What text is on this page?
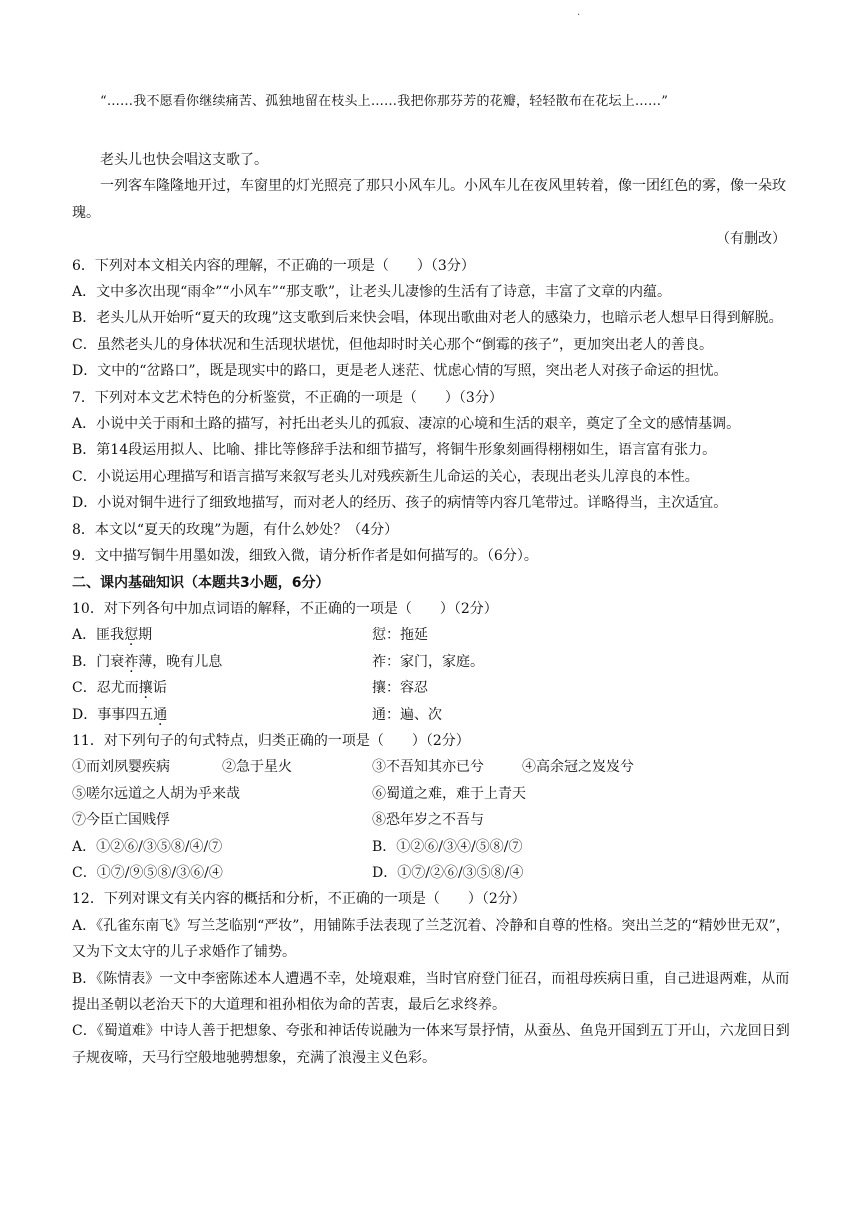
·
“……我不愿看你继续痛苦、孤独地留在枝头上……我把你那芬芳的花瓣，轻轻散布在花坛上……”

老头儿也快会唱这支歌了。

一列客车隆隆地开过，车窗里的灯光照亮了那只小风车儿。小风车儿在夜风里转着，像一团红色的雾，像一朵玫瑰。

（有删改）

6．下列对本文相关内容的理解，不正确的一项是（　　）（3分）

A．文中多次出现“雨伞”“小风车”“那支歌”，让老头儿凄惨的生活有了诗意，丰富了文章的内蕴。

B．老头儿从开始听“夏天的玫瑰”这支歌到后来快会唱，体现出歌曲对老人的感染力，也暗示老人想早日得到解脱。

C．虽然老头儿的身体状况和生活现状堪忧，但他却时时关心那个“倒霉的孩子”，更加突出老人的善良。

D．文中的“岔路口”，既是现实中的路口，更是老人迷茫、忧虑心情的写照，突出老人对孩子命运的担忧。

7．下列对本文艺术特色的分析鉴赏，不正确的一项是（　　）（3分）

A．小说中关于雨和土路的描写，衬托出老头儿的孤寂、凄凉的心境和生活的艰辛，奠定了全文的感情基调。

B．第14段运用拟人、比喻、排比等修辞手法和细节描写，将铜牛形象刻画得栩栩如生，语言富有张力。

C．小说运用心理描写和语言描写来叙写老头儿对残疾新生儿命运的关心，表现出老头儿淳良的本性。

D．小说对铜牛进行了细致地描写，而对老人的经历、孩子的病情等内容几笔带过。详略得当，主次适宜。

8．本文以“夏天的玫瑰”为题，有什么妙处？（4分）

9．文中描写铜牛用墨如泼，细致入微，请分析作者是如何描写的。（6分）。

二、课内基础知识（本题共3小题，6分）

10．对下列各句中加点词语的解释，不正确的一项是（　　）（2分）

A．匪我愆期	愆：拖延
B．门衰祚薄，晚有儿息	祚：家门，家庭。
C．忍尤而攘诟	攘：容忍
D．事事四五通	通：遍、次

11．对下列句子的句式特点，归类正确的一项是（　　）（2分）

①而刘夙婴疾病	②急于星火	③不吾知其亦已兮	④高余冠之岌岌兮
⑤嗟尔远道之人胡为乎来哉	⑥蜀道之难，难于上青天
⑦今臣亡国贱俘	⑧恐年岁之不吾与
A．①②⑥/③⑤⑧/④/⑦	B．①②⑥/③④/⑤⑧/⑦
C．①⑦/⑨⑤⑧/③⑥/④	D．①⑦/②⑥/③⑤⑧/④

12．下列对课文有关内容的概括和分析，不正确的一项是（　　）（2分）

A．《孔雀东南飞》写兰芝临别“严妆”，用铺陈手法表现了兰芝沉着、冷静和自尊的性格。突出兰芝的“精妙世无双”，又为下文太守的儿子求婚作了铺势。

B．《陈情表》一文中李密陈述本人遭遇不幸，处境艰难，当时官府登门征召，而祖母疾病日重，自己进退两难，从而提出圣朝以老治天下的大道理和祖孙相依为命的苦衷，最后乞求终养。

C．《蜀道难》中诗人善于把想象、夸张和神话传说融为一体来写景抒情，从蚕丛、鱼凫开国到五丁开山，六龙回日到子规夜啼，天马行空般地驰骋想象，充满了浪漫主义色彩。
